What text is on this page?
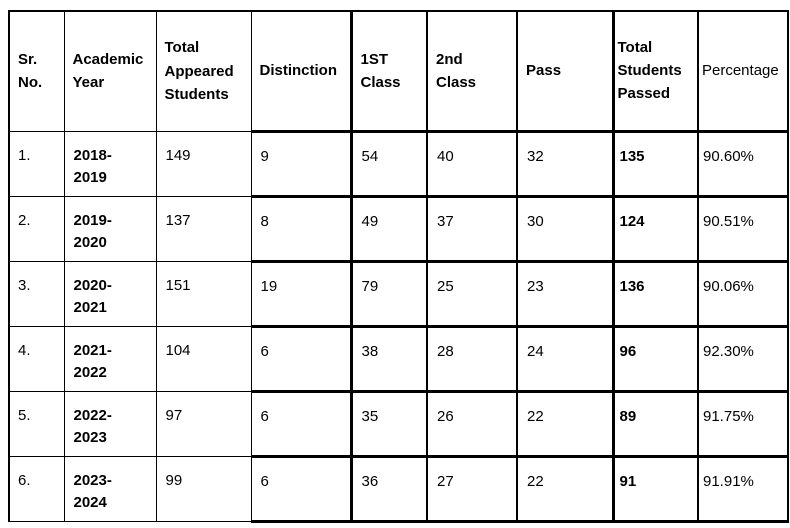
Sr. No.	Academic Year	Total Appeared Students	Distinction	1ST Class	2nd Class	Pass	Total Students Passed	Percentage
1.	2018-2019	149	9	54	40	32	135	90.60%
2.	2019-2020	137	8	49	37	30	124	90.51%
3.	2020-2021	151	19	79	25	23	136	90.06%
4.	2021-2022	104	6	38	28	24	96	92.30%
5.	2022-2023	97	6	35	26	22	89	91.75%
6.	2023-2024	99	6	36	27	22	91	91.91%
